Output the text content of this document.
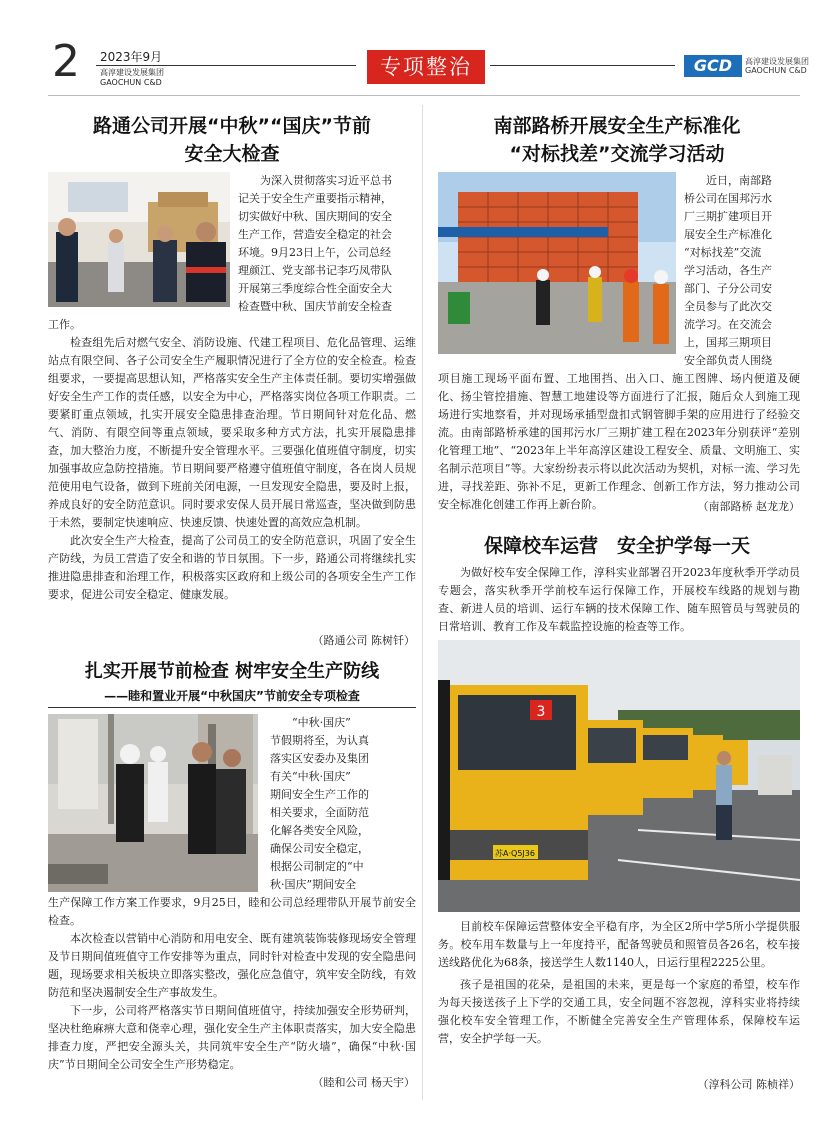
2 2023年9月
高淳建设发展集团
GAOCHUN C&D
专项整治	GCD	高淳建设发展集团
GAOCHUN C&D
路通公司开展“中秋”“国庆”节前
安全大检查
为深入贯彻落实习近平总书
记关于安全生产重要指示精神，
切实做好中秋、国庆期间的安全
生产工作，营造安全稳定的社会
环境。9月23日上午，公司总经
理颜江、党支部书记李巧凤带队
开展第三季度综合性全面安全大
检查暨中秋、国庆节前安全检查
工作。

检查组先后对燃气安全、消防设施、代建工程项目、危化品管理、运维站点有限空间、各子公司安全生产履职情况进行了全方位的安全检查。检查组要求，一要提高思想认知，严格落实安全生产主体责任制。要切实增强做好安全生产工作的责任感，以安全为中心，严格落实岗位各项工作职责。二要紧盯重点领域，扎实开展安全隐患排查治理。节日期间针对危化品、燃气、消防、有限空间等重点领域，要采取多种方式方法，扎实开展隐患排查，加大整治力度，不断提升安全管理水平。三要强化值班值守制度，切实加强事故应急防控措施。节日期间要严格遵守值班值守制度，各在岗人员规范使用电气设备，做到下班前关闭电源，一旦发现安全隐患，要及时上报，养成良好的安全防范意识。同时要求安保人员开展日常巡查，坚决做到防患于未然，要制定快速响应、快速反馈、快速处置的高效应急机制。

此次安全生产大检查，提高了公司员工的安全防范意识，巩固了安全生产防线，为员工营造了安全和谐的节日氛围。下一步，路通公司将继续扎实推进隐患排查和治理工作，积极落实区政府和上级公司的各项安全生产工作要求，促进公司安全稳定、健康发展。

（路通公司 陈树钎）
扎实开展节前检查 树牢安全生产防线
——睦和置业开展“中秋国庆”节前安全专项检查
“中秋·国庆”
节假期将至，为认真
落实区安委办及集团
有关“中秋·国庆”
期间安全生产工作的
相关要求，全面防范
化解各类安全风险，
确保公司安全稳定，
根据公司制定的“中
秋·国庆”期间安全
生产保障工作方案工作要求，9月25日，睦和公司总经理带队开展节前安全检查。

本次检查以营销中心消防和用电安全、既有建筑装饰装修现场安全管理及节日期间值班值守工作安排等为重点，同时针对检查中发现的安全隐患问题，现场要求相关板块立即落实整改，强化应急值守，筑牢安全防线，有效防范和坚决遏制安全生产事故发生。

下一步，公司将严格落实节日期间值班值守，持续加强安全形势研判，坚决杜绝麻痹大意和侥幸心理，强化安全生产主体职责落实，加大安全隐患排查力度，严把安全源头关，共同筑牢安全生产“防火墙”，确保“中秋·国庆”节日期间全公司安全生产形势稳定。

（睦和公司 杨天宇）
南部路桥开展安全生产标准化
“对标找差”交流学习活动
近日，南部路
桥公司在国邦污水
厂三期扩建项目开
展安全生产标准化
“对标找差”交流
学习活动，各生产
部门、子分公司安
全员参与了此次交
流学习。在交流会
上，国邦三期项目
安全部负责人围绕
项目施工现场平面布置、工地围挡、出入口、施工图牌、场内便道及硬化、扬尘管控措施、智慧工地建设等方面进行了汇报，随后众人到施工现场进行实地察看，并对现场承插型盘扣式钢管脚手架的应用进行了经验交流。由南部路桥承建的国邦污水厂三期扩建工程在2023年分别获评“差别化管理工地”、“2023年上半年高淳区建设工程安全、质量、文明施工、实名制示范项目”等。大家纷纷表示将以此次活动为契机，对标一流、学习先进，寻找差距、弥补不足，更新工作理念、创新工作方法，努力推动公司安全标准化创建工作再上新台阶。	（南部路桥 赵龙龙）
保障校车运营　安全护学每一天

为做好校车安全保障工作，淳科实业部署召开2023年度秋季开学动员专题会，落实秋季开学前校车运行保障工作，开展校车线路的规划与勘查、新进人员的培训、运行车辆的技术保障工作、随车照管员与驾驶员的日常培训、教育工作及车载监控设施的检查等工作。

苏A·Q5J36
3

目前校车保障运营整体安全平稳有序，为全区2所中学5所小学提供服务。校车用车数量与上一年度持平，配备驾驶员和照管员各26名，校车接送线路优化为68条，接送学生人数1140人，日运行里程2225公里。

孩子是祖国的花朵，是祖国的未来，更是每一个家庭的希望，校车作为每天接送孩子上下学的交通工具，安全问题不容忽视，淳科实业将持续强化校车安全管理工作，不断健全完善安全生产管理体系，保障校车运营，安全护学每一天。

（淳科公司 陈桢祥）
